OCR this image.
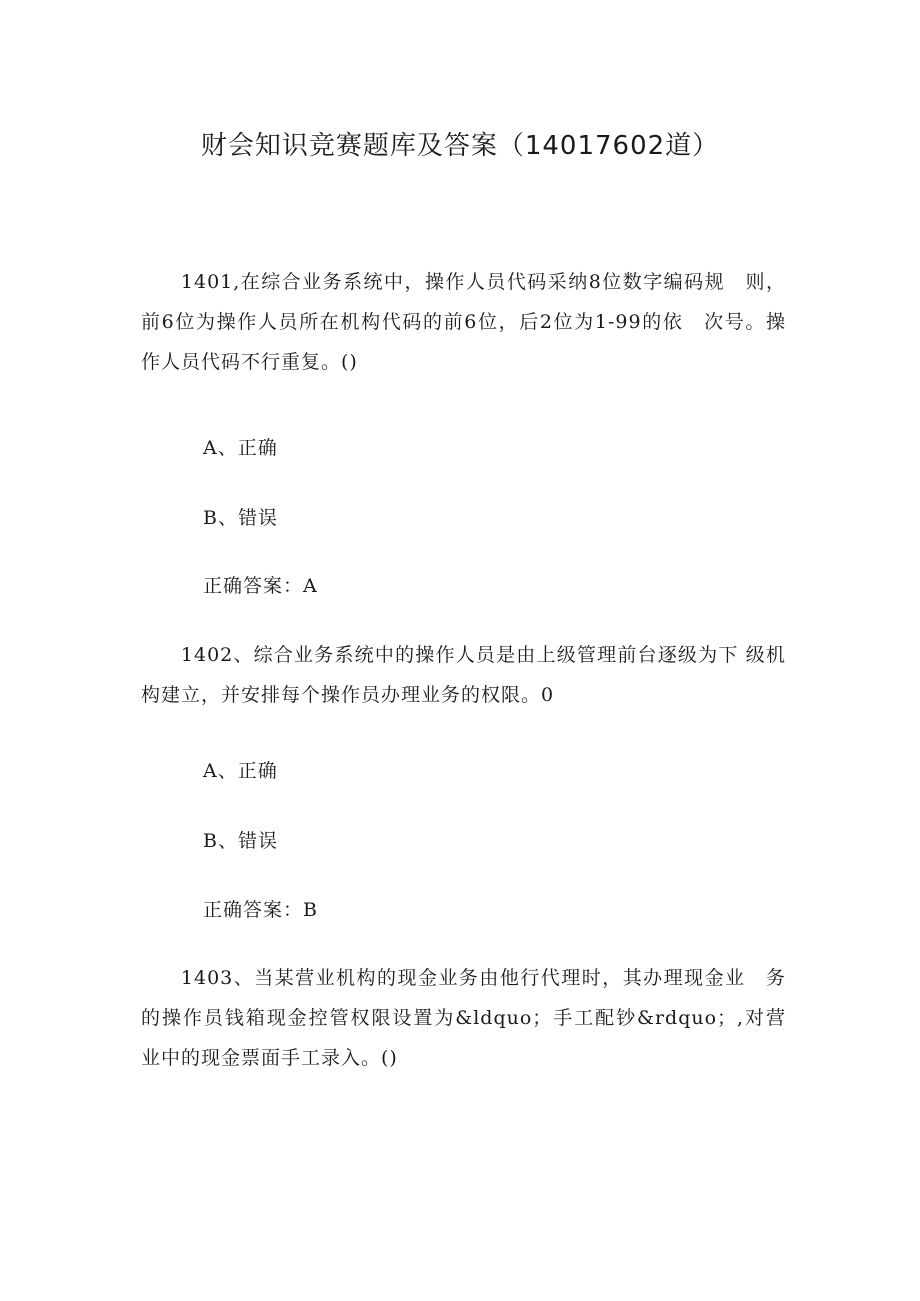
财会知识竞赛题库及答案（14017602道）

1401,在综合业务系统中，操作人员代码采纳8位数字编码规　则，前6位为操作人员所在机构代码的前6位，后2位为1-99的依　次号。操作人员代码不行重复。()

A、正确

B、错误

正确答案：A

1402、综合业务系统中的操作人员是由上级管理前台逐级为下 级机构建立，并安排每个操作员办理业务的权限。0

A、正确

B、错误

正确答案：B

1403、当某营业机构的现金业务由他行代理时，其办理现金业　务的操作员钱箱现金控管权限设置为&ldquo；手工配钞&rdquo；,对营　业中的现金票面手工录入。()
